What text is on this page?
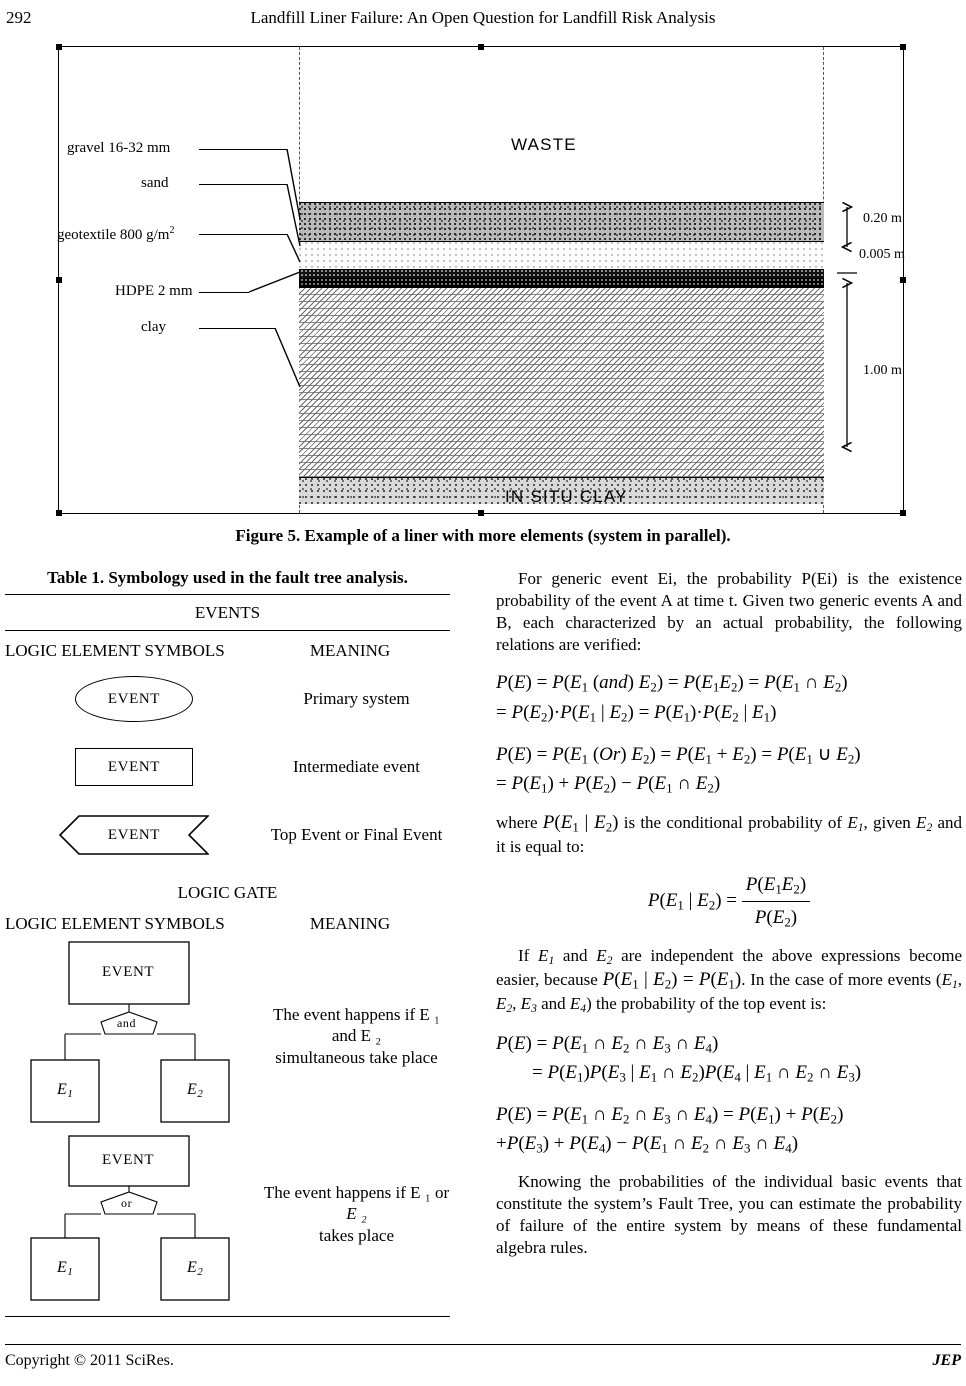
292	Landfill Liner Failure: An Open Question for Landfill Risk Analysis
WASTE
IN SITU CLAY
gravel 16-32 mm
sand
geotextile 800 $g/m^2$
HDPE 2 mm
clay
0.20 m
0.005 m
1.00 m
Figure 5. Example of a liner with more elements (system in parallel).
Table 1. Symbology used in the fault tree analysis.
EVENTS
LOGIC ELEMENT SYMBOLS	MEANING
EVENT	Primary system
EVENT	Intermediate event
EVENT	Top Event or Final Event
LOGIC GATE
LOGIC ELEMENT SYMBOLS	MEANING
EVENT
and
$E_1$	$E_2$
The event happens if E ₁
and E ₂
simultaneous take place
EVENT
or
$E_1$	$E_2$
The event happens if E ₁ or
E ₂
takes place

For generic event Ei, the probability P(Ei) is the existence probability of the event A at time t. Given two generic events A and B, each characterized by an actual probability, the following relations are verified:

$P(E) = P(E_1$ (and) $E_2) = P(E_1E_2) = P(E_1$ ∩ $E_2$)
= $P(E_2)\cdot P(E_1$ | $E_2) = P(E_1)\cdot P(E_2$ | $E_1$)
$P(E) = P(E_1$ (Or) $E_2) = P(E_1 + E_2) = P(E_1$ ∪ $E_2$)
= $P(E_1) + P(E_2) - P(E_1$ ∩ $E_2$)

where $P(E_1$ | $E_2$) is the conditional probability of $E_1$, given $E_2$ and it is equal to:

$P(E_1$ | $E_2) = \frac{P(E_1E_2)}{P(E_2)}$

If $E_1$ and $E_2$ are independent the above expressions become easier, because $P(E_1$ | $E_2) = P(E_1)$. In the case of more events ($E_1$, $E_2$, $E_3$ and $E_4$) the probability of the top event is:

$P(E) = P(E_1$ ∩ $E_2$ ∩ $E_3$ ∩ $E_4$)
= $P(E_1)P(E_3$ | $E_1$ ∩ $E_2)P(E_4$ | $E_1$ ∩ $E_2$ ∩ $E_3$)
$P(E) = P(E_1$ ∩ $E_2$ ∩ $E_3$ ∩ $E_4) = P(E_1) + P(E_2)$
$+P(E_3) + P(E_4) - P(E_1$ ∩ $E_2$ ∩ $E_3$ ∩ $E_4$)

Knowing the probabilities of the individual basic events that constitute the system’s Fault Tree, you can estimate the probability of failure of the entire system by means of these fundamental algebra rules.

Copyright © 2011 SciRes.	JEP
